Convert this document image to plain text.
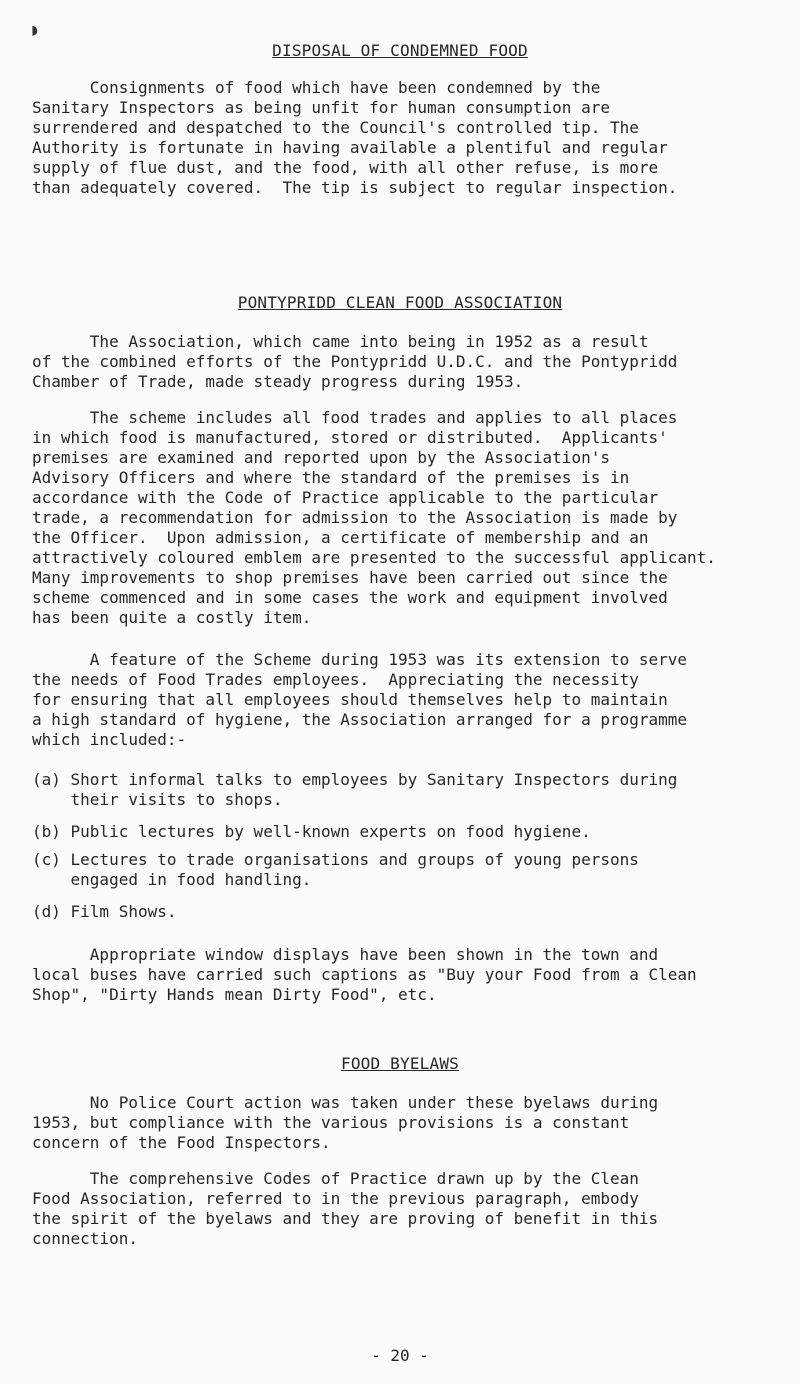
◗
DISPOSAL OF CONDEMNED FOOD

Consignments of food which have been condemned by the
Sanitary Inspectors as being unfit for human consumption are
surrendered and despatched to the Council's controlled tip. The
Authority is fortunate in having available a plentiful and regular
supply of flue dust, and the food, with all other refuse, is more
than adequately covered.  The tip is subject to regular inspection.

PONTYPRIDD CLEAN FOOD ASSOCIATION

The Association, which came into being in 1952 as a result
of the combined efforts of the Pontypridd U.D.C. and the Pontypridd
Chamber of Trade, made steady progress during 1953.

The scheme includes all food trades and applies to all places
in which food is manufactured, stored or distributed.  Applicants'
premises are examined and reported upon by the Association's
Advisory Officers and where the standard of the premises is in
accordance with the Code of Practice applicable to the particular
trade, a recommendation for admission to the Association is made by
the Officer.  Upon admission, a certificate of membership and an
attractively coloured emblem are presented to the successful applicant.
Many improvements to shop premises have been carried out since the
scheme commenced and in some cases the work and equipment involved
has been quite a costly item.

A feature of the Scheme during 1953 was its extension to serve
the needs of Food Trades employees.  Appreciating the necessity
for ensuring that all employees should themselves help to maintain
a high standard of hygiene, the Association arranged for a programme
which included:-

(a) Short informal talks to employees by Sanitary Inspectors during
their visits to shops.

(b) Public lectures by well-known experts on food hygiene.

(c) Lectures to trade organisations and groups of young persons
engaged in food handling.

(d) Film Shows.

Appropriate window displays have been shown in the town and
local buses have carried such captions as "Buy your Food from a Clean
Shop", "Dirty Hands mean Dirty Food", etc.

FOOD BYELAWS

No Police Court action was taken under these byelaws during
1953, but compliance with the various provisions is a constant
concern of the Food Inspectors.

The comprehensive Codes of Practice drawn up by the Clean
Food Association, referred to in the previous paragraph, embody
the spirit of the byelaws and they are proving of benefit in this
connection.

- 20 -
